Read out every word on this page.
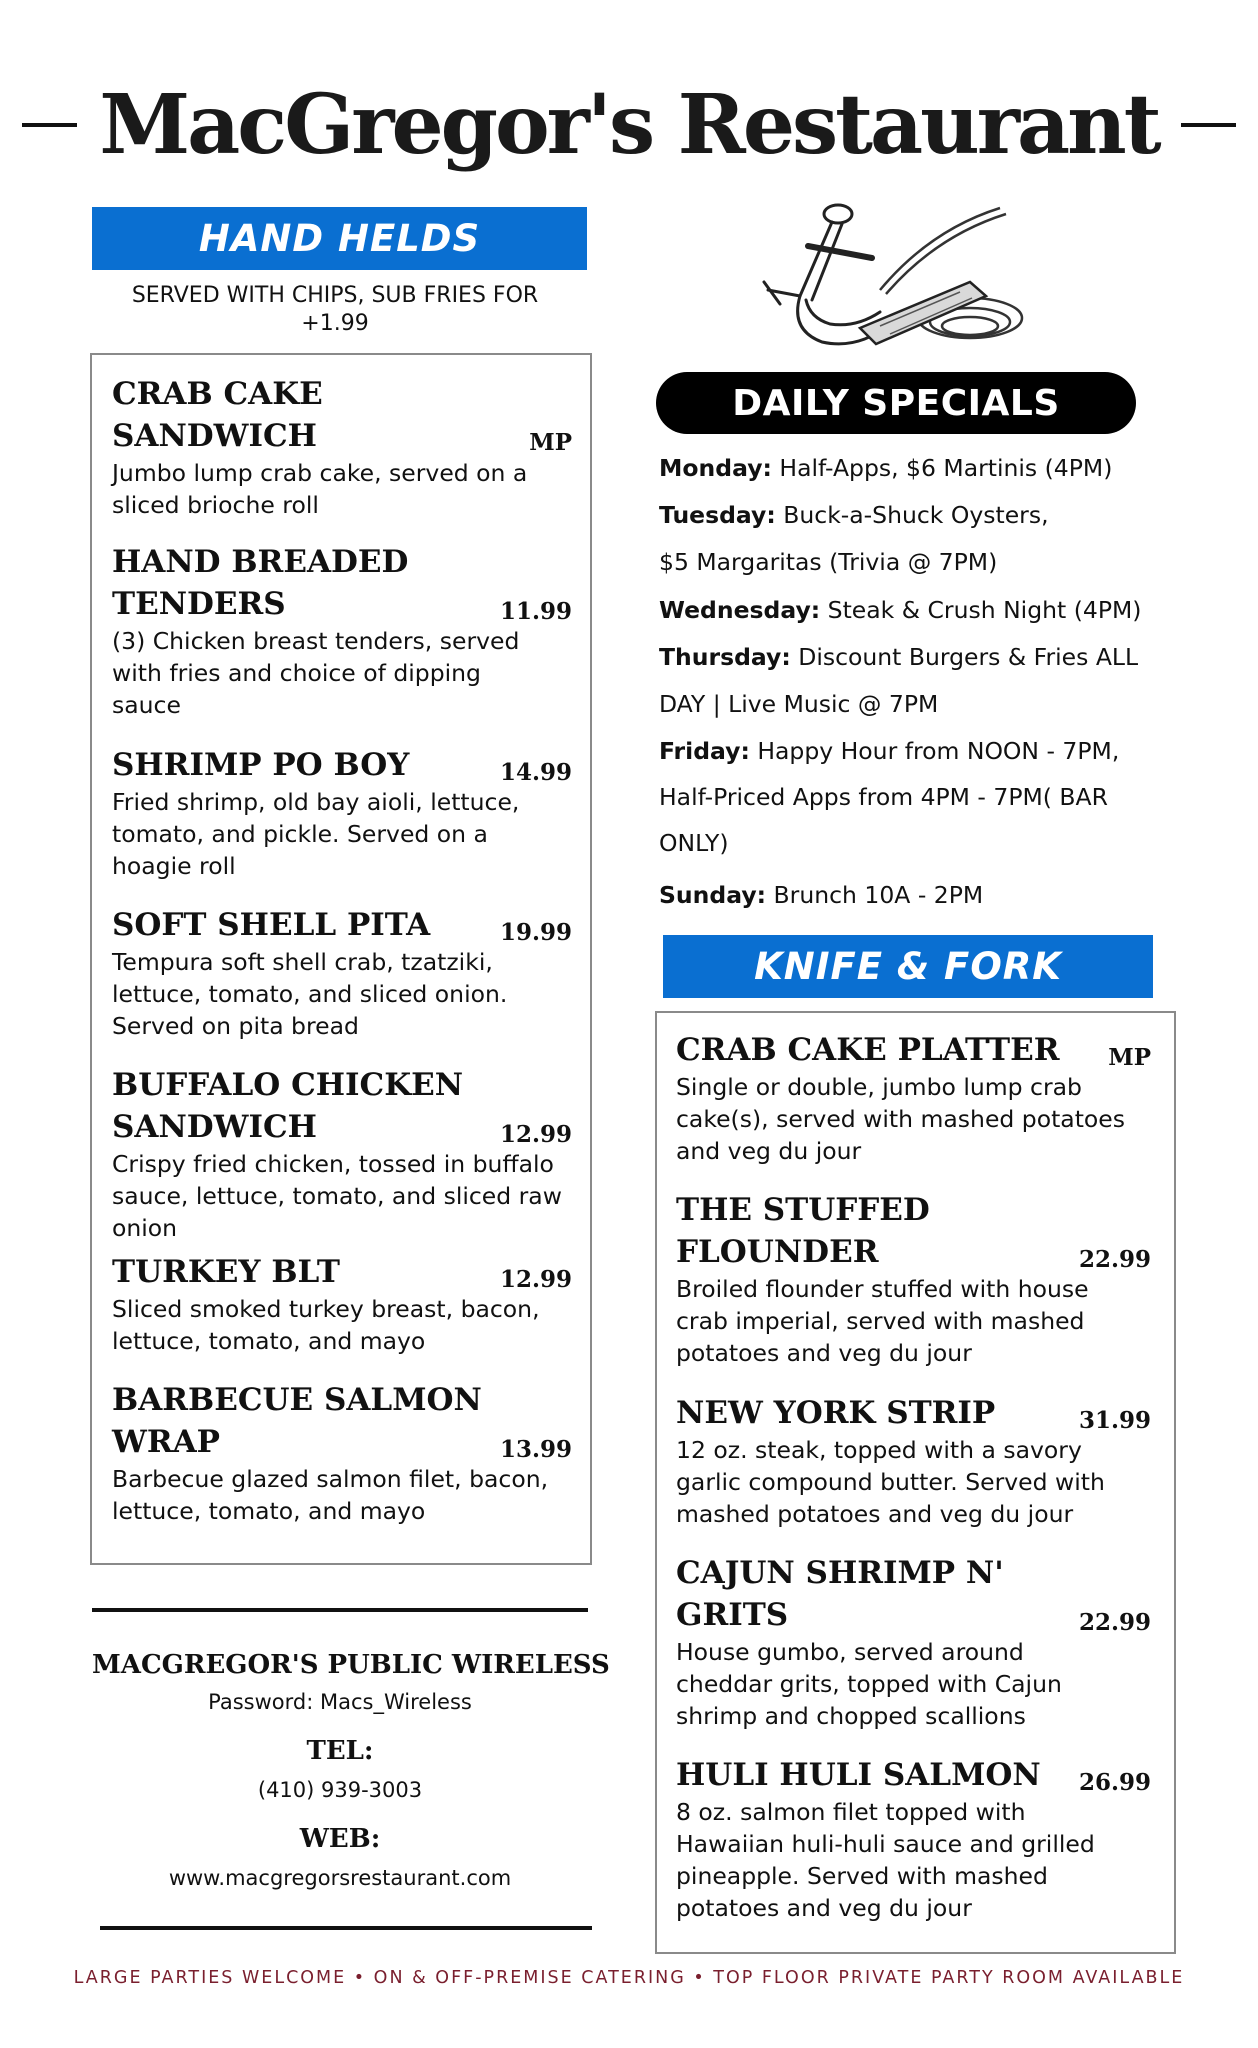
MacGregor's Restaurant
HAND HELDS
SERVED WITH CHIPS, SUB FRIES FOR +1.99
CRAB CAKE
SANDWICH	MP
Jumbo lump crab cake, served on a sliced brioche roll
HAND BREADED
TENDERS	11.99
(3) Chicken breast tenders, served with fries and choice of dipping sauce
SHRIMP PO BOY	14.99
Fried shrimp, old bay aioli, lettuce, tomato, and pickle. Served on a hoagie roll
SOFT SHELL PITA	19.99
Tempura soft shell crab, tzatziki, lettuce, tomato, and sliced onion. Served on pita bread
BUFFALO CHICKEN
SANDWICH	12.99
Crispy fried chicken, tossed in buffalo sauce, lettuce, tomato, and sliced raw onion
TURKEY BLT	12.99
Sliced smoked turkey breast, bacon, lettuce, tomato, and mayo
BARBECUE SALMON
WRAP	13.99
Barbecue glazed salmon filet, bacon, lettuce, tomato, and mayo
MACGREGOR'S PUBLIC WIRELESS
Password: Macs_Wireless
TEL:
(410) 939-3003
WEB:
www.macgregorsrestaurant.com
DAILY SPECIALS
Monday: Half-Apps, $6 Martinis (4PM)
Tuesday: Buck-a-Shuck Oysters,
$5 Margaritas (Trivia @ 7PM)
Wednesday: Steak & Crush Night (4PM)
Thursday: Discount Burgers & Fries ALL
DAY | Live Music @ 7PM
Friday: Happy Hour from NOON - 7PM,
Half-Priced Apps from 4PM - 7PM( BAR
ONLY)
Sunday: Brunch 10A - 2PM
KNIFE & FORK
CRAB CAKE PLATTER MP
Single or double, jumbo lump crab cake(s), served with mashed potatoes and veg du jour
THE STUFFED
FLOUNDER	22.99
Broiled flounder stuffed with house crab imperial, served with mashed potatoes and veg du jour
NEW YORK STRIP	31.99
12 oz. steak, topped with a savory garlic compound butter. Served with mashed potatoes and veg du jour
CAJUN SHRIMP N'
GRITS	22.99
House gumbo, served around cheddar grits, topped with Cajun shrimp and chopped scallions
HULI HULI SALMON 26.99
8 oz. salmon filet topped with Hawaiian huli-huli sauce and grilled pineapple. Served with mashed potatoes and veg du jour
LARGE PARTIES WELCOME • ON & OFF-PREMISE CATERING • TOP FLOOR PRIVATE PARTY ROOM AVAILABLE
